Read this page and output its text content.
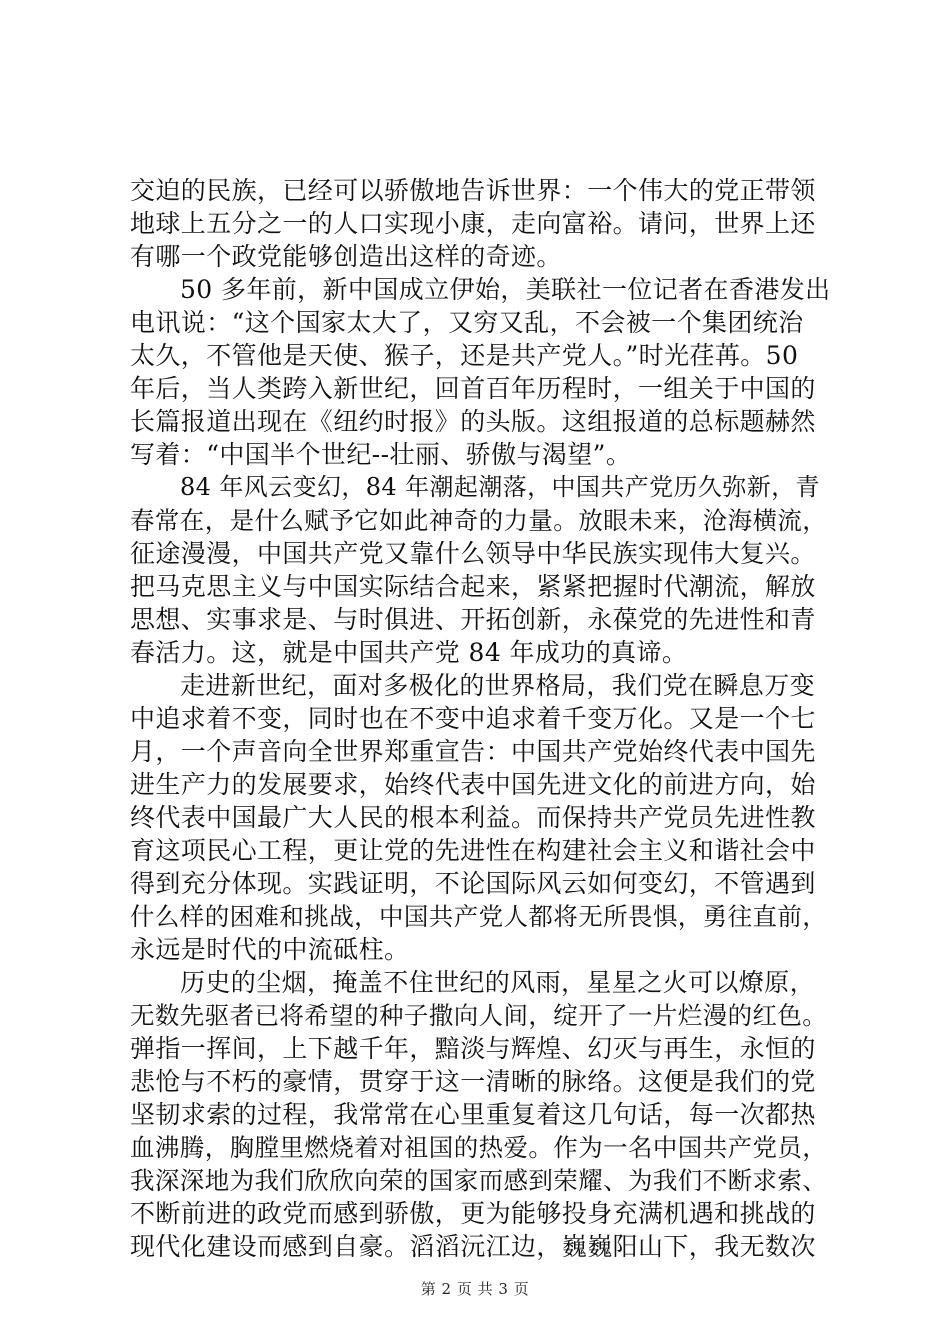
交迫的民族，已经可以骄傲地告诉世界：一个伟大的党正带领
地球上五分之一的人口实现小康，走向富裕。请问，世界上还
有哪一个政党能够创造出这样的奇迹。
50 多年前，新中国成立伊始，美联社一位记者在香港发出
电讯说：“这个国家太大了，又穷又乱，不会被一个集团统治
太久，不管他是天使、猴子，还是共产党人。”时光荏苒。50
年后，当人类跨入新世纪，回首百年历程时，一组关于中国的
长篇报道出现在《纽约时报》的头版。这组报道的总标题赫然
写着：“中国半个世纪--壮丽、骄傲与渴望”。
84 年风云变幻，84 年潮起潮落，中国共产党历久弥新，青
春常在，是什么赋予它如此神奇的力量。放眼未来，沧海横流，
征途漫漫，中国共产党又靠什么领导中华民族实现伟大复兴。
把马克思主义与中国实际结合起来，紧紧把握时代潮流，解放
思想、实事求是、与时俱进、开拓创新，永葆党的先进性和青
春活力。这，就是中国共产党 84 年成功的真谛。
走进新世纪，面对多极化的世界格局，我们党在瞬息万变
中追求着不变，同时也在不变中追求着千变万化。又是一个七
月，一个声音向全世界郑重宣告：中国共产党始终代表中国先
进生产力的发展要求，始终代表中国先进文化的前进方向，始
终代表中国最广大人民的根本利益。而保持共产党员先进性教
育这项民心工程，更让党的先进性在构建社会主义和谐社会中
得到充分体现。实践证明，不论国际风云如何变幻，不管遇到
什么样的困难和挑战，中国共产党人都将无所畏惧，勇往直前，
永远是时代的中流砥柱。
历史的尘烟，掩盖不住世纪的风雨，星星之火可以燎原，
无数先驱者已将希望的种子撒向人间，绽开了一片烂漫的红色。
弹指一挥间，上下越千年，黯淡与辉煌、幻灭与再生，永恒的
悲怆与不朽的豪情，贯穿于这一清晰的脉络。这便是我们的党
坚韧求索的过程，我常常在心里重复着这几句话，每一次都热
血沸腾，胸膛里燃烧着对祖国的热爱。作为一名中国共产党员，
我深深地为我们欣欣向荣的国家而感到荣耀、为我们不断求索、
不断前进的政党而感到骄傲，更为能够投身充满机遇和挑战的
现代化建设而感到自豪。滔滔沅江边，巍巍阳山下，我无数次
第 2 页 共 3 页
